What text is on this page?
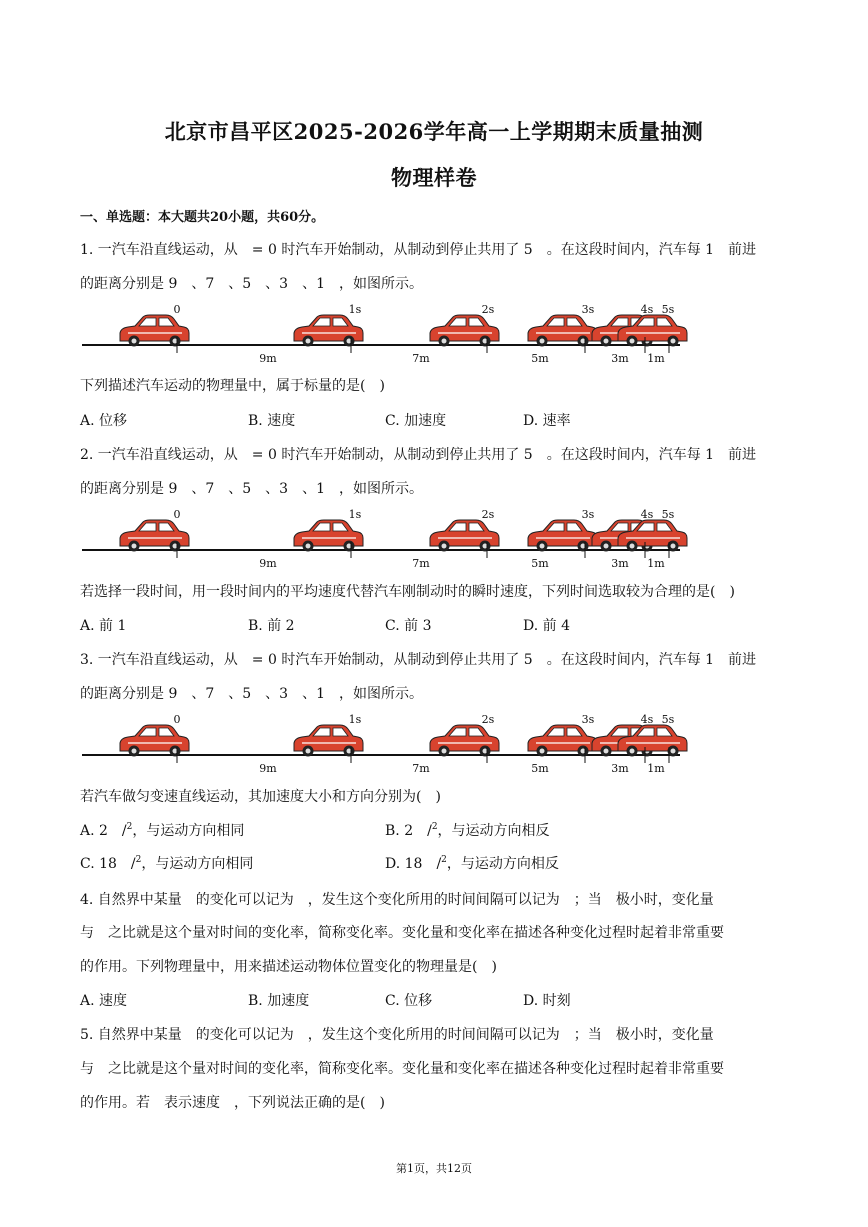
北京市昌平区2025-2026学年高一上学期期末质量抽测
物理样卷
一、单选题：本大题共20小题，共60分。
1. 一汽车沿直线运动，从　= 0 时汽车开始制动，从制动到停止共用了 5　。在这段时间内，汽车每 1　前进
的距离分别是 9　、7　、5　、3　、1　，如图所示。
0	1s	2s	3s	4s 5s
9m	7m	5m	3m 1m
下列描述汽车运动的物理量中，属于标量的是(　)
A. 位移	B. 速度	C. 加速度	D. 速率
2. 一汽车沿直线运动，从　= 0 时汽车开始制动，从制动到停止共用了 5　。在这段时间内，汽车每 1　前进
的距离分别是 9　、7　、5　、3　、1　，如图所示。
0	1s	2s	3s	4s 5s
9m	7m	5m	3m 1m
若选择一段时间，用一段时间内的平均速度代替汽车刚制动时的瞬时速度，下列时间选取较为合理的是(　)
A. 前 1	B. 前 2	C. 前 3	D. 前 4
3. 一汽车沿直线运动，从　= 0 时汽车开始制动，从制动到停止共用了 5　。在这段时间内，汽车每 1　前进
的距离分别是 9　、7　、5　、3　、1　，如图所示。
0	1s	2s	3s	4s 5s
9m	7m	5m	3m 1m
若汽车做匀变速直线运动，其加速度大小和方向分别为(　)
A. 2　/$^2$，与运动方向相同	B. 2　/$^2$，与运动方向相反
C. 18　/$^2$，与运动方向相同	D. 18　/$^2$，与运动方向相反
4. 自然界中某量　的变化可以记为　，发生这个变化所用的时间间隔可以记为　；当　极小时，变化量
与　之比就是这个量对时间的变化率，简称变化率。变化量和变化率在描述各种变化过程时起着非常重要
的作用。下列物理量中，用来描述运动物体位置变化的物理量是(　)
A. 速度	B. 加速度	C. 位移	D. 时刻
5. 自然界中某量　的变化可以记为　，发生这个变化所用的时间间隔可以记为　；当　极小时，变化量
与　之比就是这个量对时间的变化率，简称变化率。变化量和变化率在描述各种变化过程时起着非常重要
的作用。若　表示速度　，下列说法正确的是(　)
第1页，共12页
